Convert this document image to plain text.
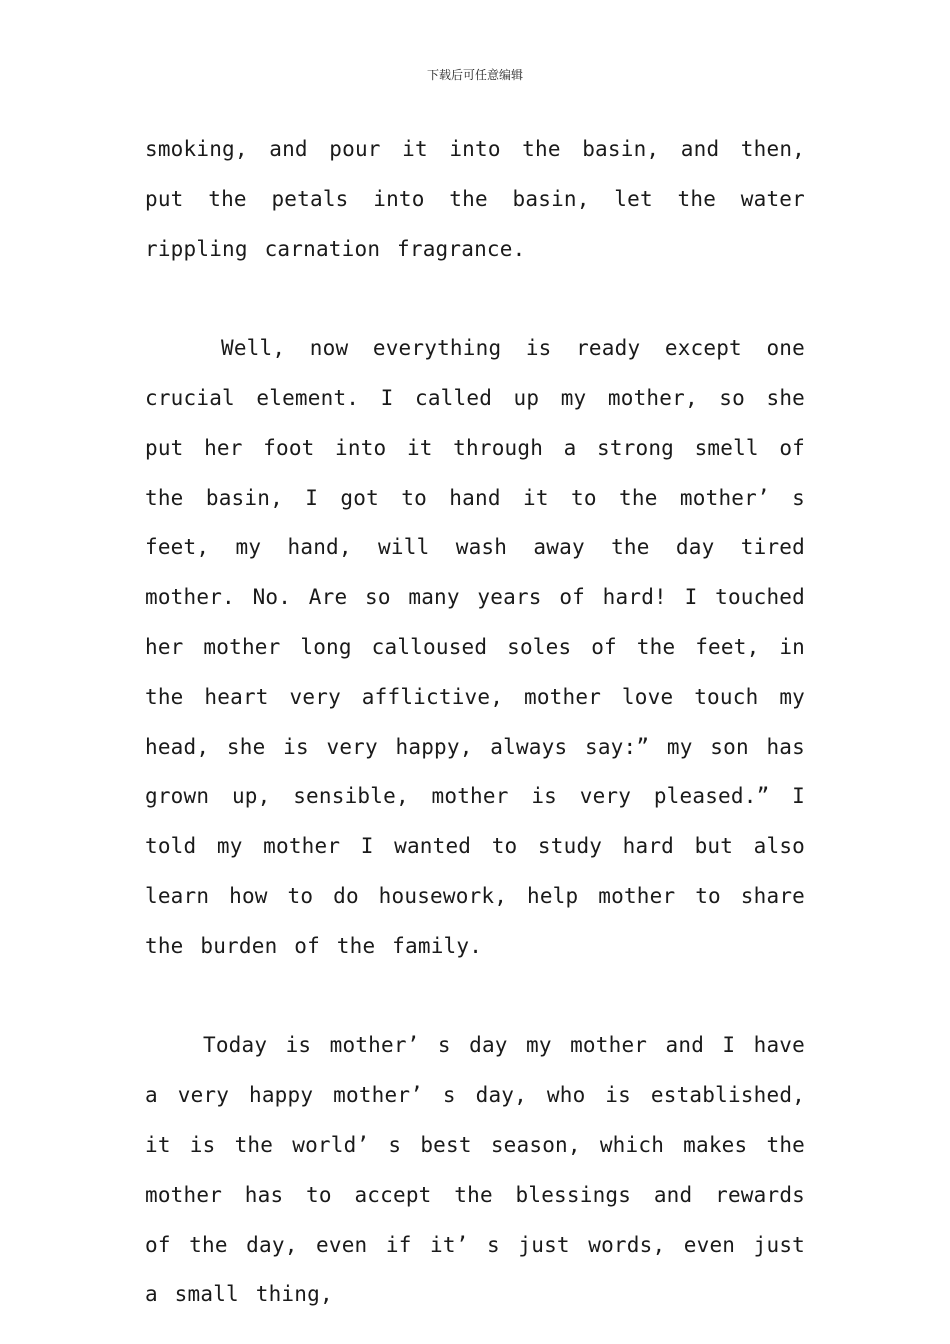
下载后可任意编辑

smoking, and pour it into the basin, and then, put the petals into the basin, let the water rippling carnation fragrance.

Well, now everything is ready except one crucial element. I called up my mother, so she put her foot into it through a strong smell of the basin, I got to hand it to the mother’ s feet, my hand, will wash away the day tired mother. No. Are so many years of hard! I touched her mother long calloused soles of the feet, in the heart very afflictive, mother love touch my head, she is very happy, always say:” my son has grown up, sensible, mother is very pleased.” I told my mother I wanted to study hard but also learn how to do housework, help mother to share the burden of the family.

Today is mother’ s day my mother and I have a very happy mother’ s day, who is established, it is the world’ s best season, which makes the mother has to accept the blessings and rewards of the day, even if it’ s just words, even just a small thing,
